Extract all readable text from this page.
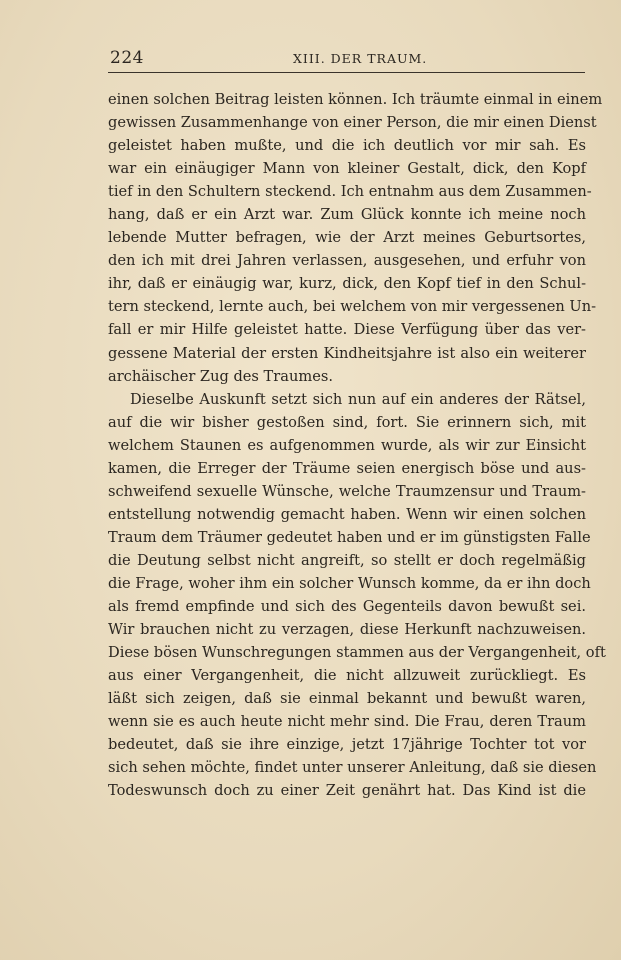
224	XIII. DER TRAUM.
einen solchen Beitrag leisten können. Ich träumte einmal in einem
gewissen Zusammenhange von einer Person, die mir einen Dienst
geleistet haben mußte, und die ich deutlich vor mir sah. Es
war ein einäugiger Mann von kleiner Gestalt, dick, den Kopf
tief in den Schultern steckend. Ich entnahm aus dem Zusammen-
hang, daß er ein Arzt war. Zum Glück konnte ich meine noch
lebende Mutter befragen, wie der Arzt meines Geburtsortes,
den ich mit drei Jahren verlassen, ausgesehen, und erfuhr von
ihr, daß er einäugig war, kurz, dick, den Kopf tief in den Schul-
tern steckend, lernte auch, bei welchem von mir vergessenen Un-
fall er mir Hilfe geleistet hatte. Diese Verfügung über das ver-
gessene Material der ersten Kindheitsjahre ist also ein weiterer
archäischer Zug des Traumes.
Dieselbe Auskunft setzt sich nun auf ein anderes der Rätsel,
auf die wir bisher gestoßen sind, fort. Sie erinnern sich, mit
welchem Staunen es aufgenommen wurde, als wir zur Einsicht
kamen, die Erreger der Träume seien energisch böse und aus-
schweifend sexuelle Wünsche, welche Traumzensur und Traum-
entstellung notwendig gemacht haben. Wenn wir einen solchen
Traum dem Träumer gedeutet haben und er im günstigsten Falle
die Deutung selbst nicht angreift, so stellt er doch regelmäßig
die Frage, woher ihm ein solcher Wunsch komme, da er ihn doch
als fremd empfinde und sich des Gegenteils davon bewußt sei.
Wir brauchen nicht zu verzagen, diese Herkunft nachzuweisen.
Diese bösen Wunschregungen stammen aus der Vergangenheit, oft
aus einer Vergangenheit, die nicht allzuweit zurückliegt. Es
läßt sich zeigen, daß sie einmal bekannt und bewußt waren,
wenn sie es auch heute nicht mehr sind. Die Frau, deren Traum
bedeutet, daß sie ihre einzige, jetzt 17jährige Tochter tot vor
sich sehen möchte, findet unter unserer Anleitung, daß sie diesen
Todeswunsch doch zu einer Zeit genährt hat. Das Kind ist die
